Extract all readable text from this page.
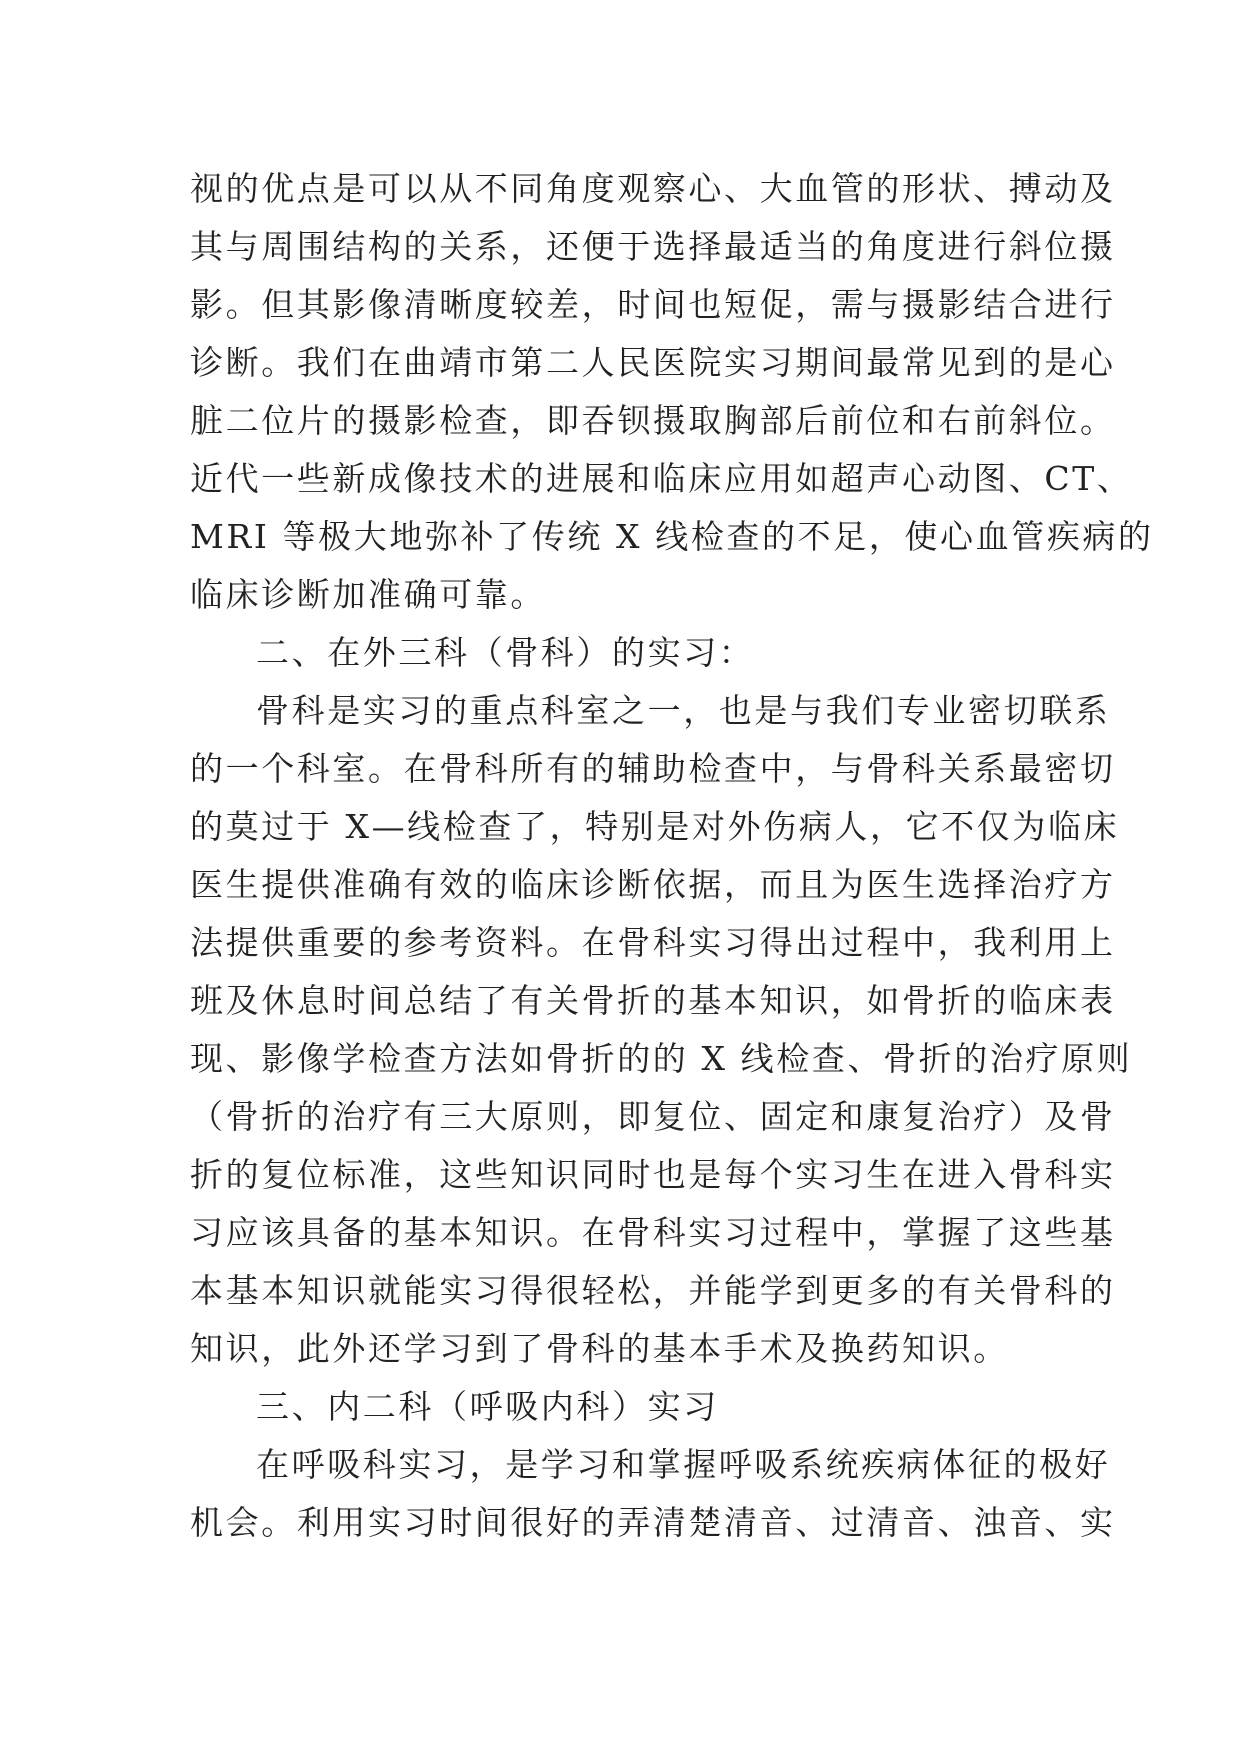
视的优点是可以从不同角度观察心、大血管的形状、搏动及

其与周围结构的关系，还便于选择最适当的角度进行斜位摄

影。但其影像清晰度较差，时间也短促，需与摄影结合进行

诊断。我们在曲靖市第二人民医院实习期间最常见到的是心

脏二位片的摄影检查，即吞钡摄取胸部后前位和右前斜位。

近代一些新成像技术的进展和临床应用如超声心动图、CT、

MRI 等极大地弥补了传统 X 线检查的不足，使心血管疾病的

临床诊断加准确可靠。

二、在外三科（骨科）的实习：

骨科是实习的重点科室之一，也是与我们专业密切联系

的一个科室。在骨科所有的辅助检查中，与骨科关系最密切

的莫过于 X—线检查了，特别是对外伤病人，它不仅为临床

医生提供准确有效的临床诊断依据，而且为医生选择治疗方

法提供重要的参考资料。在骨科实习得出过程中，我利用上

班及休息时间总结了有关骨折的基本知识，如骨折的临床表

现、影像学检查方法如骨折的的 X 线检查、骨折的治疗原则

（骨折的治疗有三大原则，即复位、固定和康复治疗）及骨

折的复位标准，这些知识同时也是每个实习生在进入骨科实

习应该具备的基本知识。在骨科实习过程中，掌握了这些基

本基本知识就能实习得很轻松，并能学到更多的有关骨科的

知识，此外还学习到了骨科的基本手术及换药知识。

三、内二科（呼吸内科）实习

在呼吸科实习，是学习和掌握呼吸系统疾病体征的极好

机会。利用实习时间很好的弄清楚清音、过清音、浊音、实
